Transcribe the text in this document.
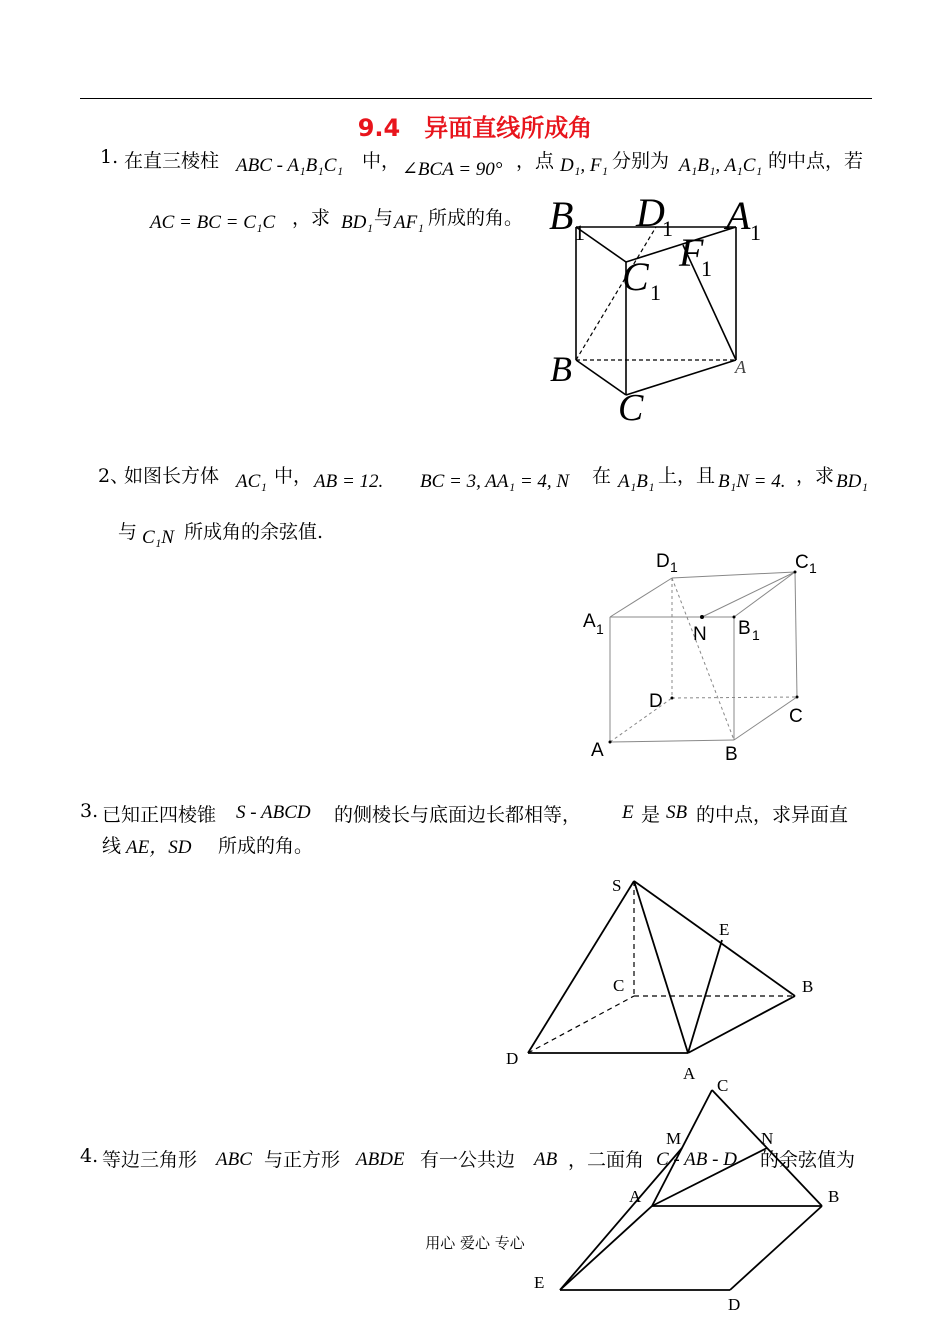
9.4　异面直线所成角
1. 在直三棱柱 ABC - A₁B₁C₁ 中， ∠BCA = 90° ，点 D₁, F₁ 分别为 A₁B₁, A₁C₁ 的中点，若
AC = BC = C₁C ，求 BD₁ 与 AF₁ 所成的角。
2、
如图长方体 AC₁ 中， AB = 12. BC = 3, AA₁ = 4, N 在 A₁B₁ 上，且 B₁N = 4. ，求 BD₁
与 C₁N 所成角的余弦值.
3. 已知正四棱锥 S - ABCD 的侧棱长与底面边长都相等， E 是 SB 的中点，求异面直
线 AE，SD 所成的角。
4. 等边三角形 ABC 与正方形 ABDE 有一公共边 AB ，二面角 C - AB - D 的余弦值为
B 1 D
1 A 1
F
1
C 1
B	A
C
D 1	C 1
A 1	N B 1
D
C
A	B
S
E
C	B
D
A
C
M	N
A	B
E
D
用心 爱心 专心
